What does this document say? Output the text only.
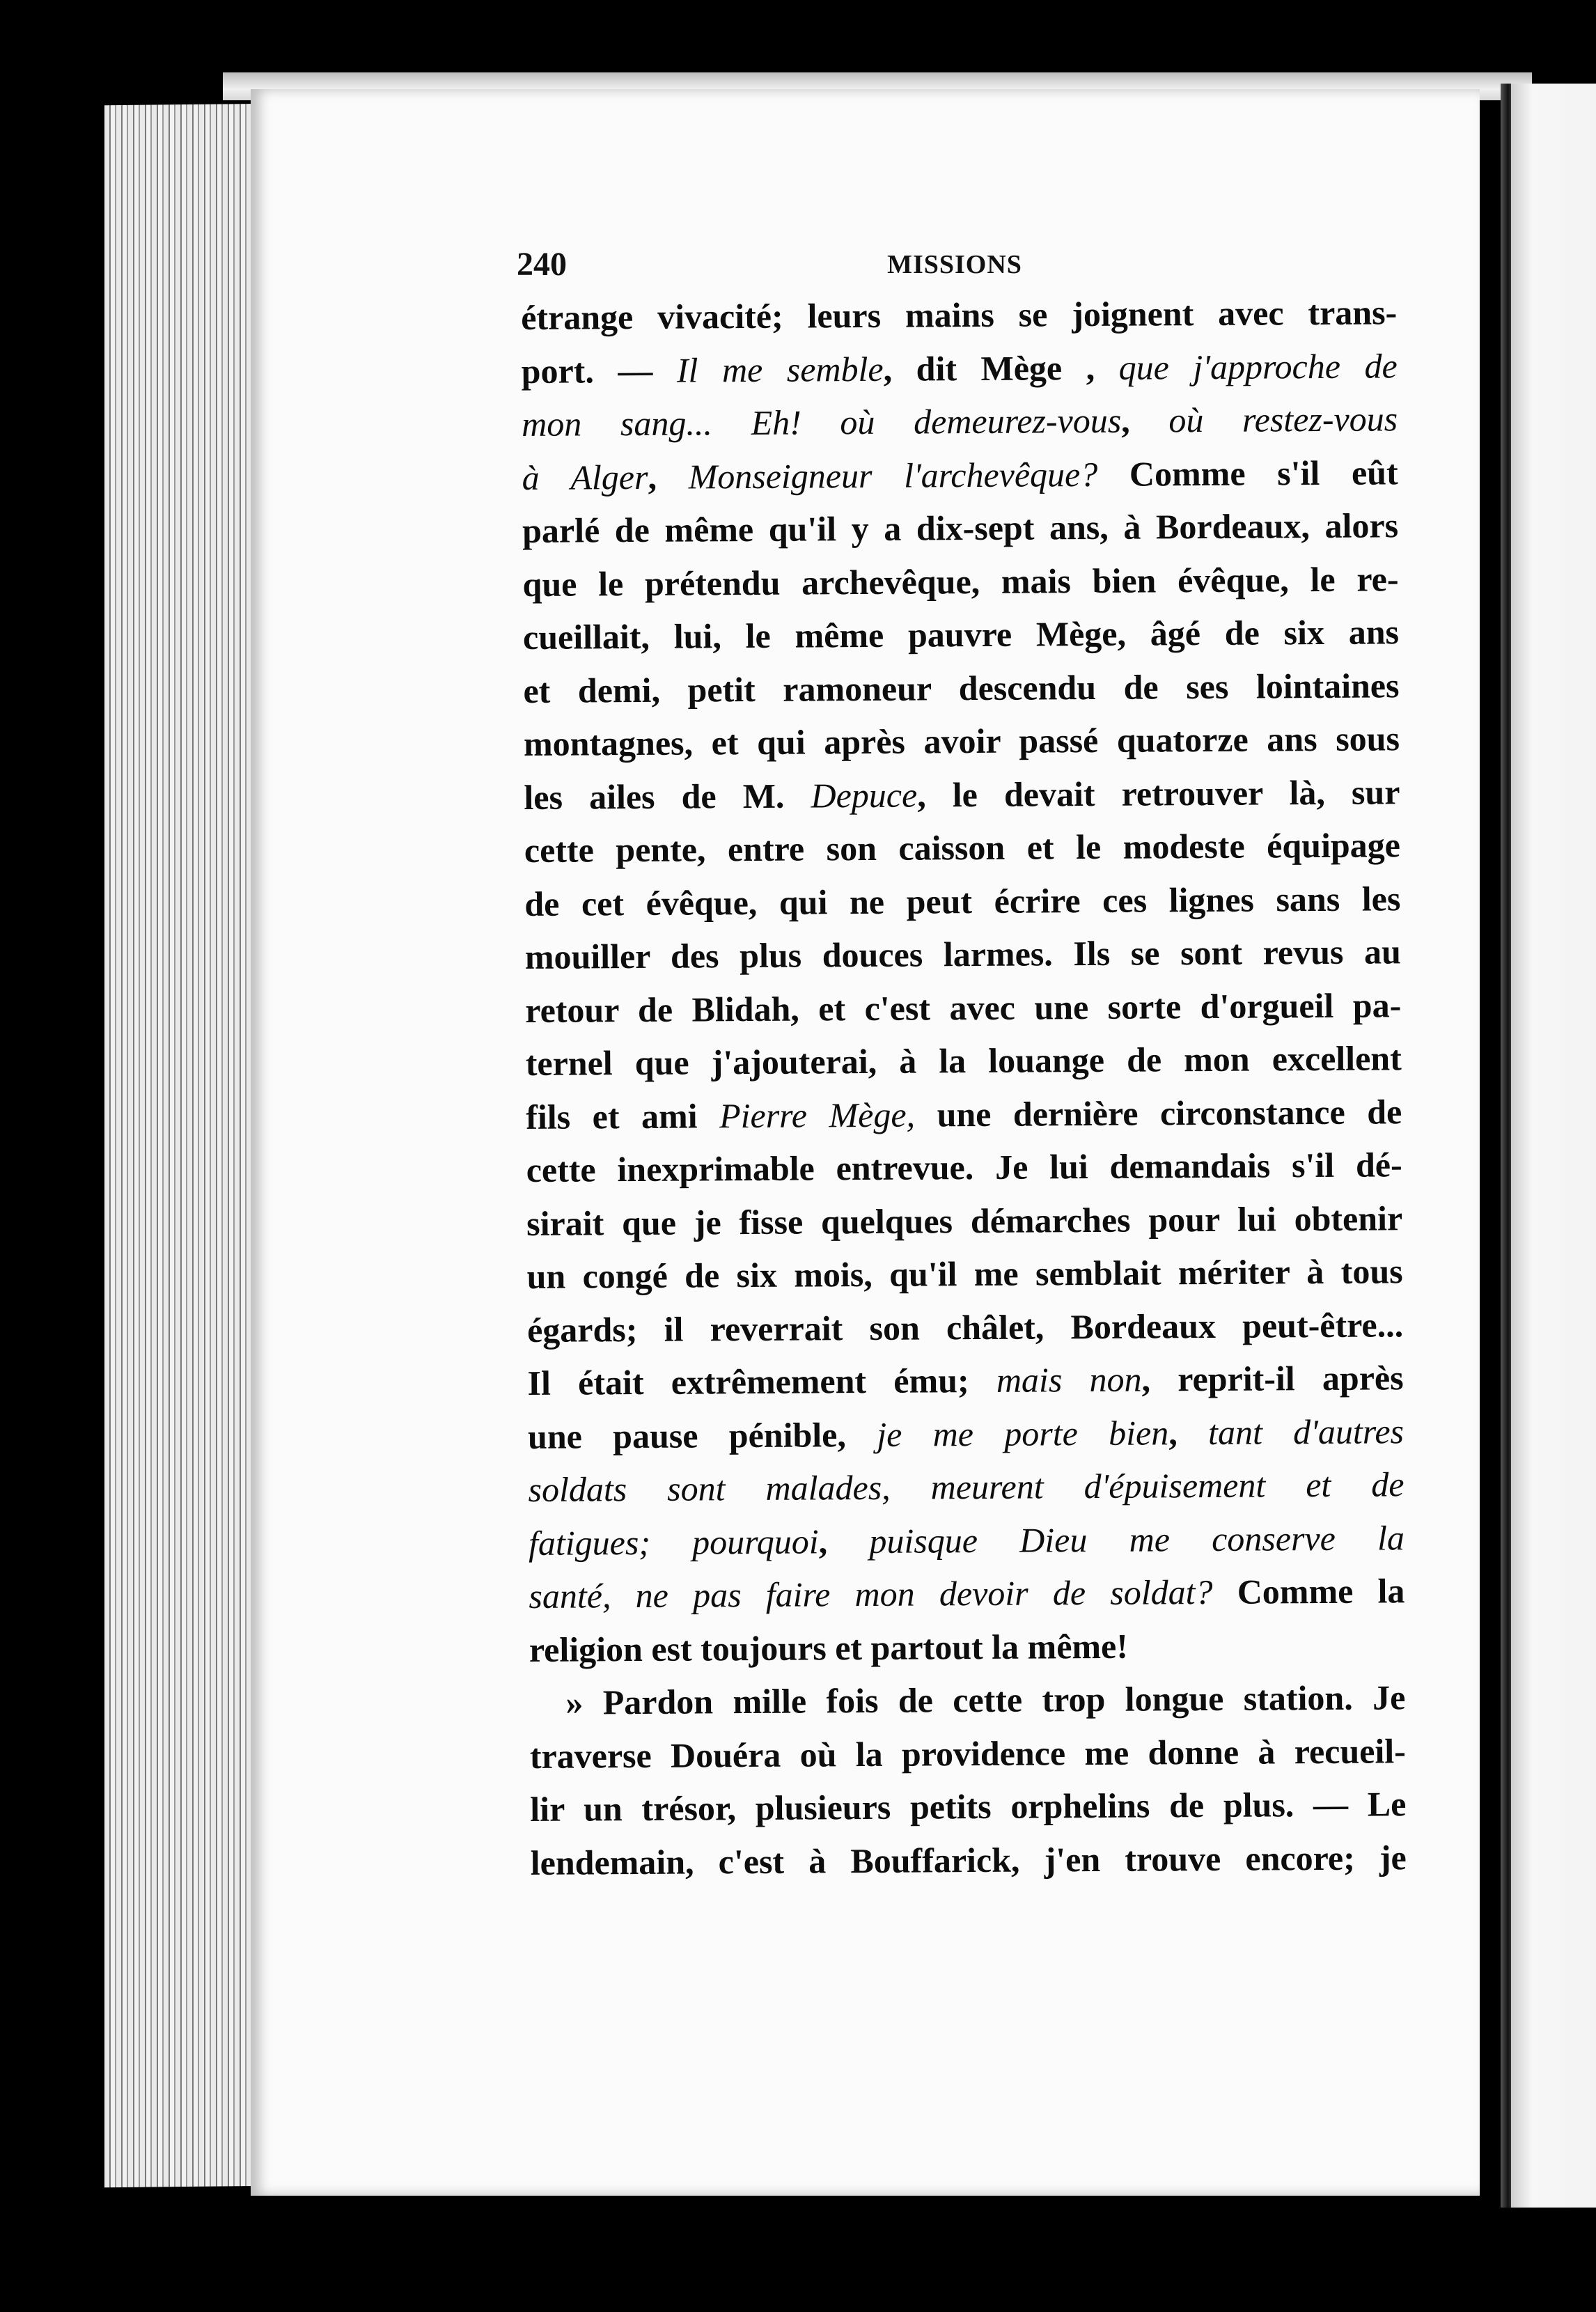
240	MISSIONS
étrange vivacité; leurs mains se joignent avec trans-
port. — Il me semble, dit Mège , que j'approche de
mon sang... Eh! où demeurez-vous, où restez-vous
à Alger, Monseigneur l'archevêque? Comme s'il eût
parlé de même qu'il y a dix-sept ans, à Bordeaux, alors
que le prétendu archevêque, mais bien évêque, le re-
cueillait, lui, le même pauvre Mège, âgé de six ans
et demi, petit ramoneur descendu de ses lointaines
montagnes, et qui après avoir passé quatorze ans sous
les ailes de M. Depuce, le devait retrouver là, sur
cette pente, entre son caisson et le modeste équipage
de cet évêque, qui ne peut écrire ces lignes sans les
mouiller des plus douces larmes. Ils se sont revus au
retour de Blidah, et c'est avec une sorte d'orgueil pa-
ternel que j'ajouterai, à la louange de mon excellent
fils et ami Pierre Mège, une dernière circonstance de
cette inexprimable entrevue. Je lui demandais s'il dé-
sirait que je fisse quelques démarches pour lui obtenir
un congé de six mois, qu'il me semblait mériter à tous
égards; il reverrait son châlet, Bordeaux peut-être...
Il était extrêmement ému; mais non, reprit-il après
une pause pénible, je me porte bien, tant d'autres
soldats sont malades, meurent d'épuisement et de
fatigues; pourquoi, puisque Dieu me conserve la
santé, ne pas faire mon devoir de soldat? Comme la
religion est toujours et partout la même!
» Pardon mille fois de cette trop longue station. Je
traverse Douéra où la providence me donne à recueil-
lir un trésor, plusieurs petits orphelins de plus. — Le
lendemain, c'est à Bouffarick, j'en trouve encore; je
